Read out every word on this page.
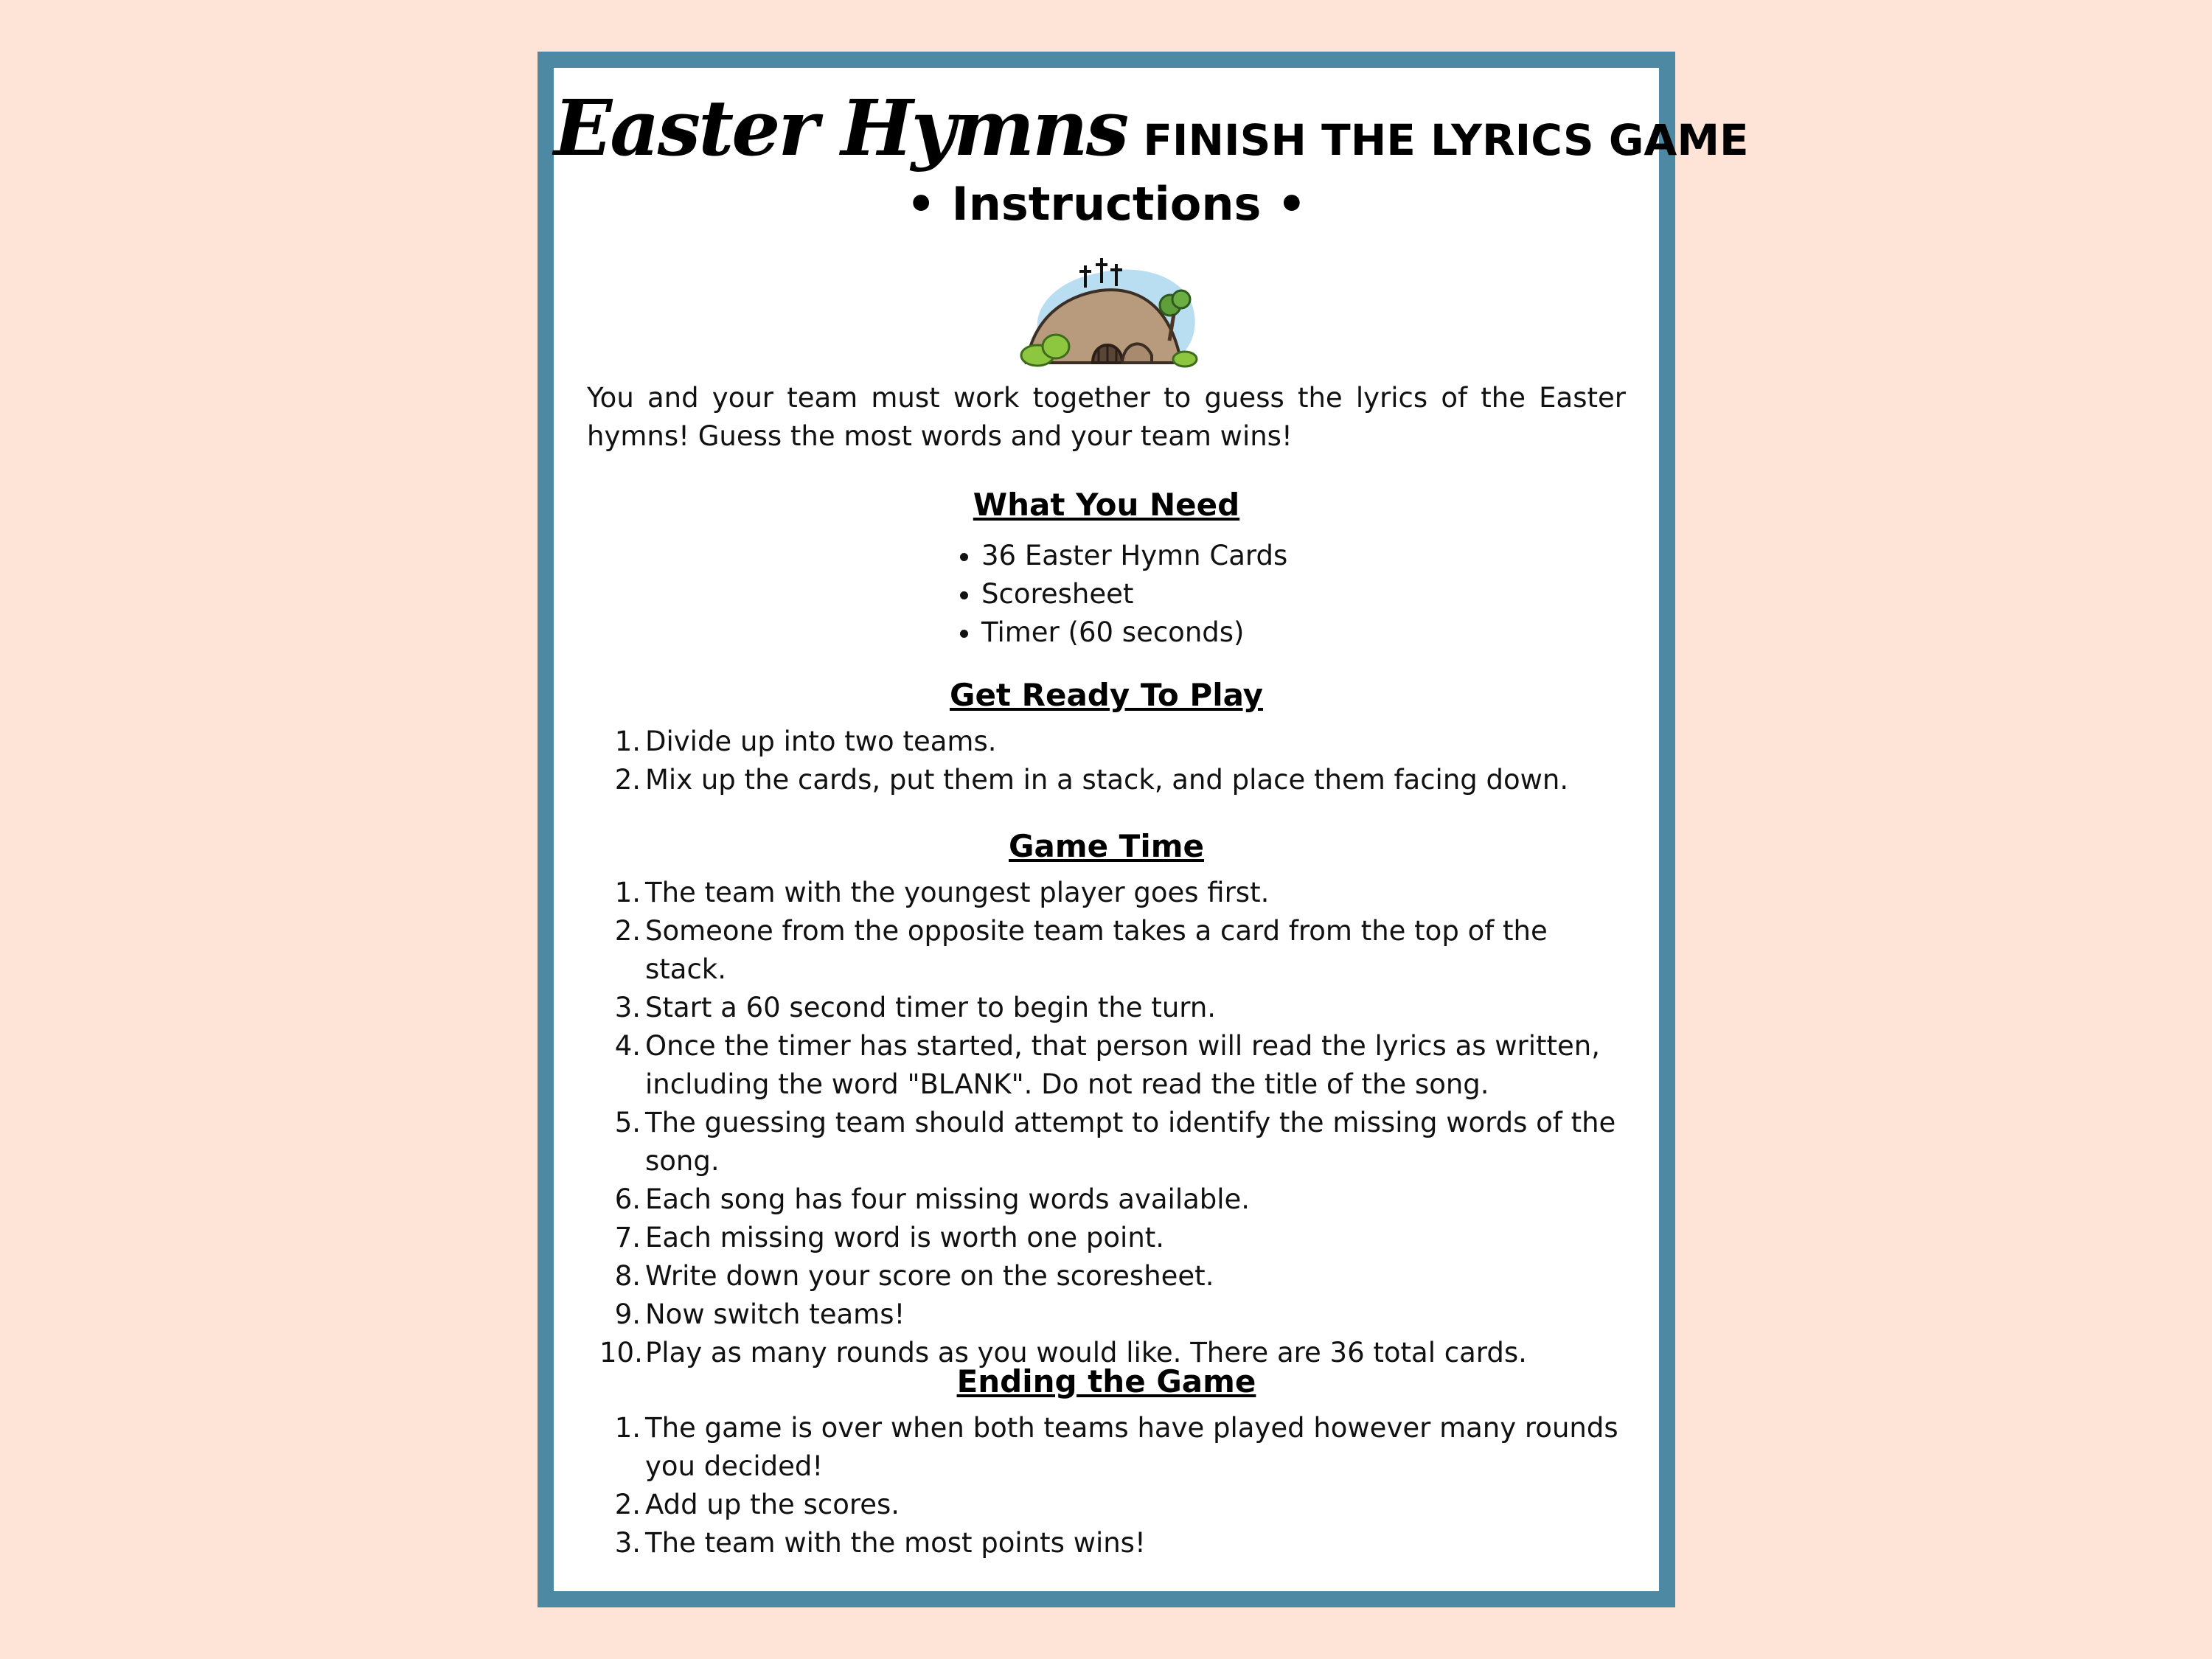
Easter Hymns FINISH THE LYRICS GAME
• Instructions •
You and your team must work together to guess the lyrics of the Easter hymns! Guess the most words and your team wins!
What You Need
• 36 Easter Hymn Cards
• Scoresheet
• Timer (60 seconds)
Get Ready To Play
1. Divide up into two teams.
2. Mix up the cards, put them in a stack, and place them facing down.
Game Time
1. The team with the youngest player goes first.
2. Someone from the opposite team takes a card from the top of the stack.
3. Start a 60 second timer to begin the turn.
4. Once the timer has started, that person will read the lyrics as written, including the word "BLANK". Do not read the title of the song.
5. The guessing team should attempt to identify the missing words of the song.
6. Each song has four missing words available.
7. Each missing word is worth one point.
8. Write down your score on the scoresheet.
9. Now switch teams!
10. Play as many rounds as you would like. There are 36 total cards.
Ending the Game
1. The game is over when both teams have played however many rounds you decided!
2. Add up the scores.
3. The team with the most points wins!
